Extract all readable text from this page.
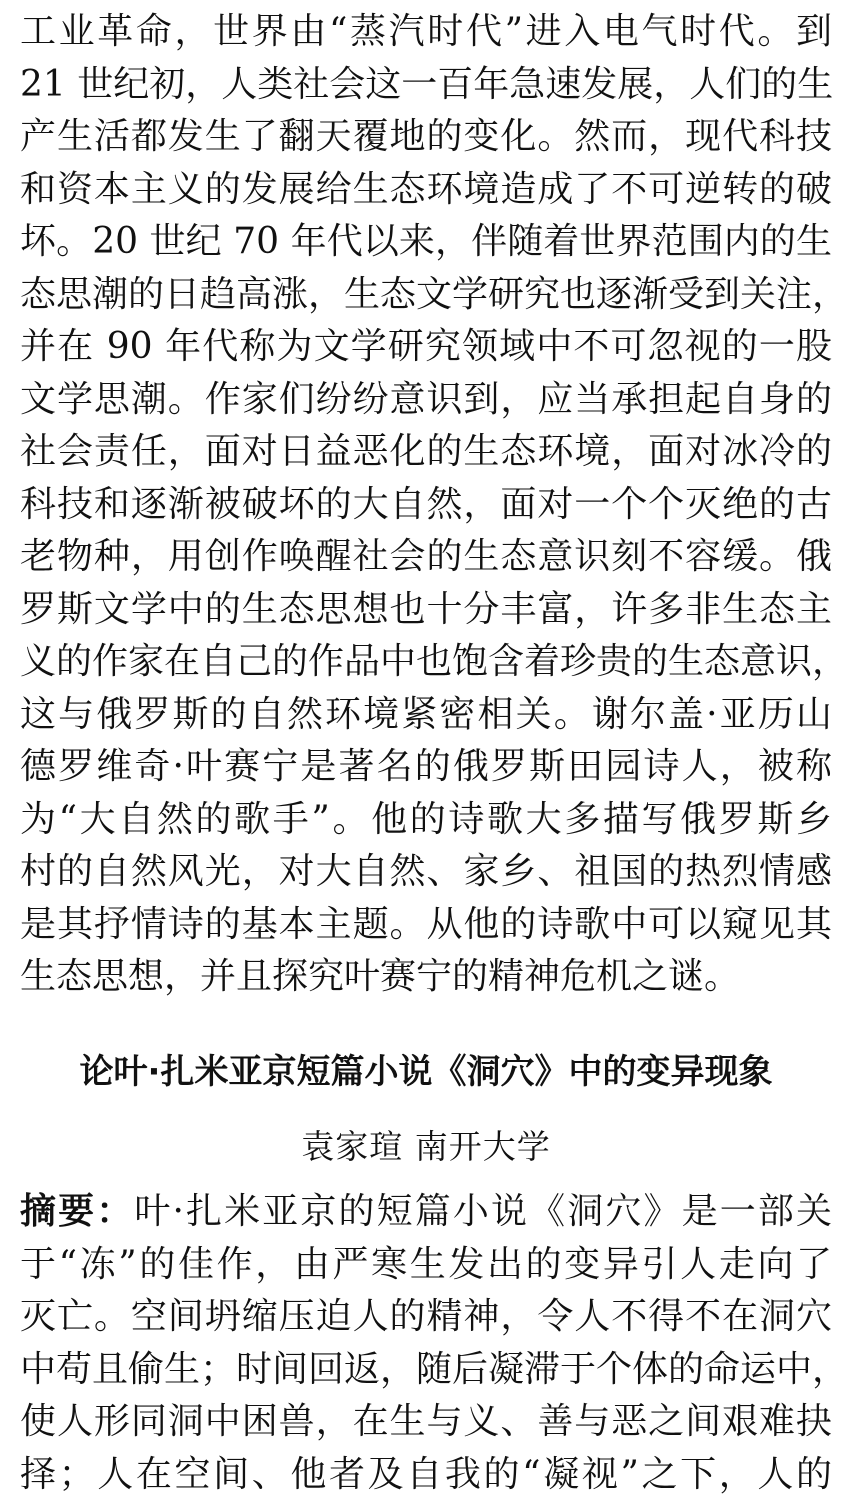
工业革命，世界由“蒸汽时代”进入电气时代。到
21 世纪初，人类社会这一百年急速发展，人们的生
产生活都发生了翻天覆地的变化。然而，现代科技
和资本主义的发展给生态环境造成了不可逆转的破
坏。20 世纪 70 年代以来，伴随着世界范围内的生
态思潮的日趋高涨，生态文学研究也逐渐受到关注，
并在 90 年代称为文学研究领域中不可忽视的一股
文学思潮。作家们纷纷意识到，应当承担起自身的
社会责任，面对日益恶化的生态环境，面对冰冷的
科技和逐渐被破坏的大自然，面对一个个灭绝的古
老物种，用创作唤醒社会的生态意识刻不容缓。俄
罗斯文学中的生态思想也十分丰富，许多非生态主
义的作家在自己的作品中也饱含着珍贵的生态意识，
这与俄罗斯的自然环境紧密相关。谢尔盖·亚历山
德罗维奇·叶赛宁是著名的俄罗斯田园诗人，被称
为“大自然的歌手”。他的诗歌大多描写俄罗斯乡
村的自然风光，对大自然、家乡、祖国的热烈情感
是其抒情诗的基本主题。从他的诗歌中可以窥见其
生态思想，并且探究叶赛宁的精神危机之谜。
论叶·扎米亚京短篇小说《洞穴》中的变异现象
袁家瑄 南开大学
摘要：叶·扎米亚京的短篇小说《洞穴》是一部关
于“冻”的佳作，由严寒生发出的变异引人走向了
灭亡。空间坍缩压迫人的精神，令人不得不在洞穴
中苟且偷生；时间回返，随后凝滞于个体的命运中，
使人形同洞中困兽，在生与义、善与恶之间艰难抉
择；人在空间、他者及自我的“凝视”之下，人的
